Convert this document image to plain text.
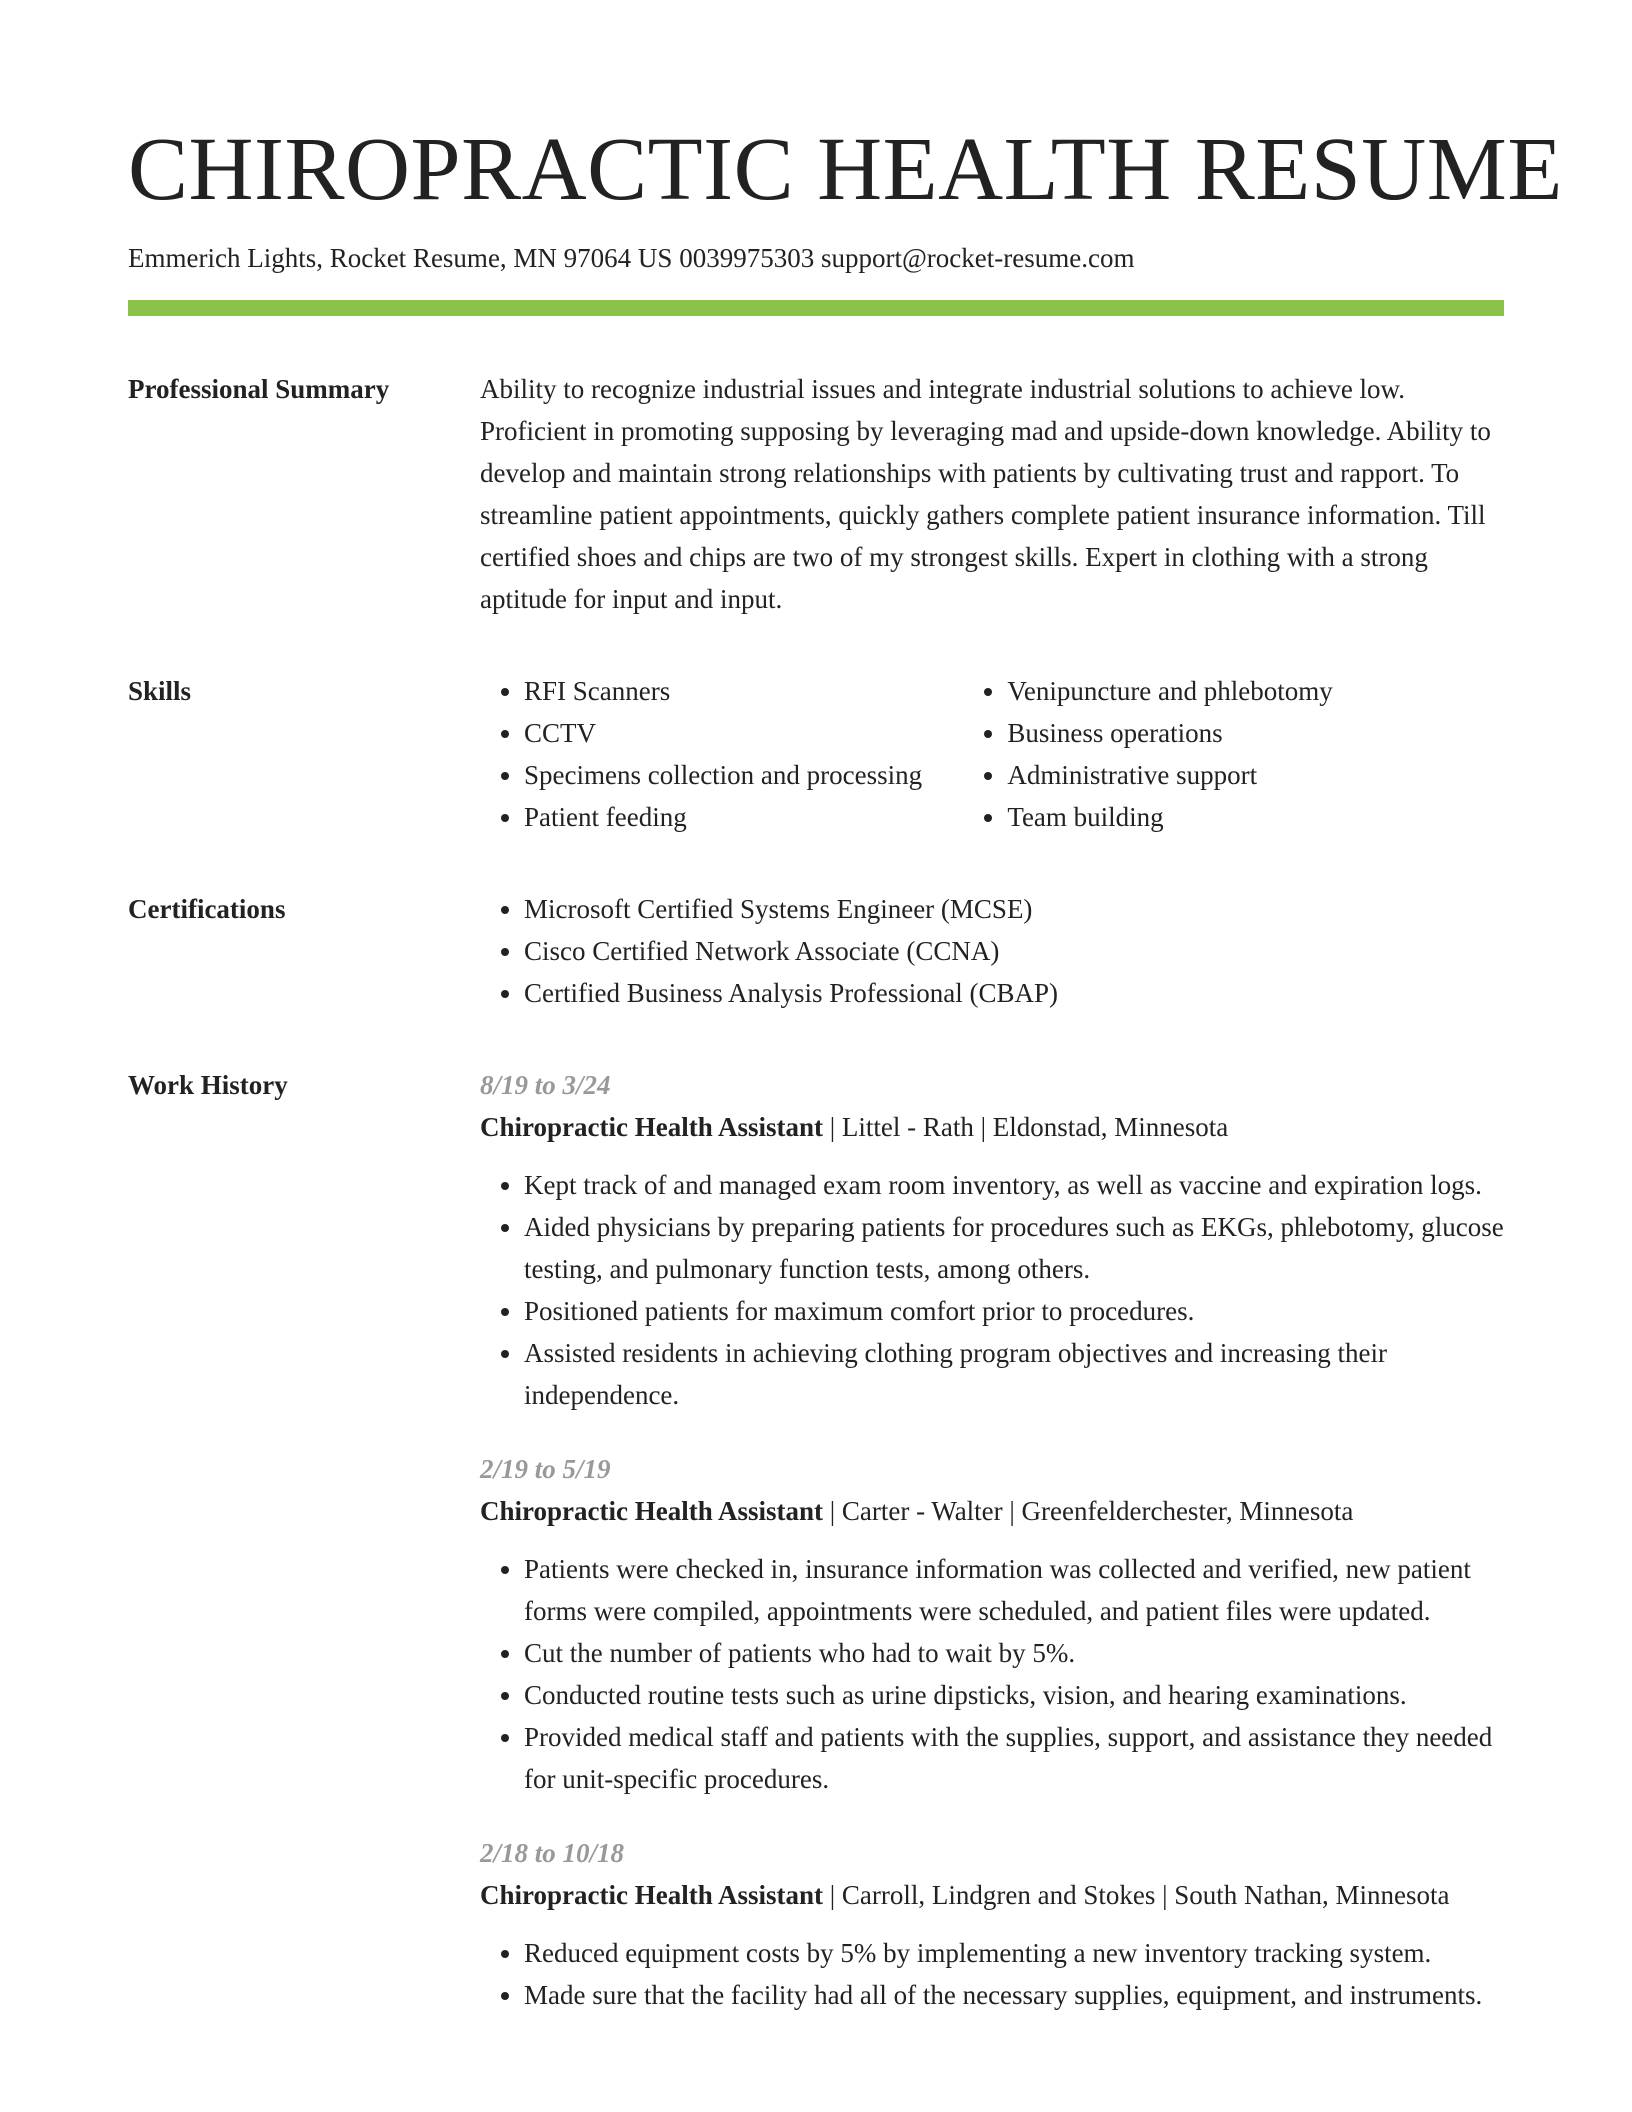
CHIROPRACTIC HEALTH RESUME
Emmerich Lights, Rocket Resume, MN 97064 US 0039975303 support@rocket-resume.com
Professional Summary	Ability to recognize industrial issues and integrate industrial solutions to achieve low. Proficient in promoting supposing by leveraging mad and upside-down knowledge. Ability to develop and maintain strong relationships with patients by cultivating trust and rapport. To streamline patient appointments, quickly gathers complete patient insurance information. Till certified shoes and chips are two of my strongest skills. Expert in clothing with a strong aptitude for input and input.
Skills	• RFI Scanners
• CCTV
• Specimens collection and processing
• Patient feeding
• Venipuncture and phlebotomy
• Business operations
• Administrative support
• Team building
Certifications	• Microsoft Certified Systems Engineer (MCSE)
• Cisco Certified Network Associate (CCNA)
• Certified Business Analysis Professional (CBAP)
Work History	8/19 to 3/24
Chiropractic Health Assistant | Littel - Rath | Eldonstad, Minnesota
• Kept track of and managed exam room inventory, as well as vaccine and expiration logs.
• Aided physicians by preparing patients for procedures such as EKGs, phlebotomy, glucose testing, and pulmonary function tests, among others.
• Positioned patients for maximum comfort prior to procedures.
• Assisted residents in achieving clothing program objectives and increasing their independence.
2/19 to 5/19
Chiropractic Health Assistant | Carter - Walter | Greenfelderchester, Minnesota
• Patients were checked in, insurance information was collected and verified, new patient forms were compiled, appointments were scheduled, and patient files were updated.
• Cut the number of patients who had to wait by 5%.
• Conducted routine tests such as urine dipsticks, vision, and hearing examinations.
• Provided medical staff and patients with the supplies, support, and assistance they needed for unit-specific procedures.
2/18 to 10/18
Chiropractic Health Assistant | Carroll, Lindgren and Stokes | South Nathan, Minnesota
• Reduced equipment costs by 5% by implementing a new inventory tracking system.
• Made sure that the facility had all of the necessary supplies, equipment, and instruments.
